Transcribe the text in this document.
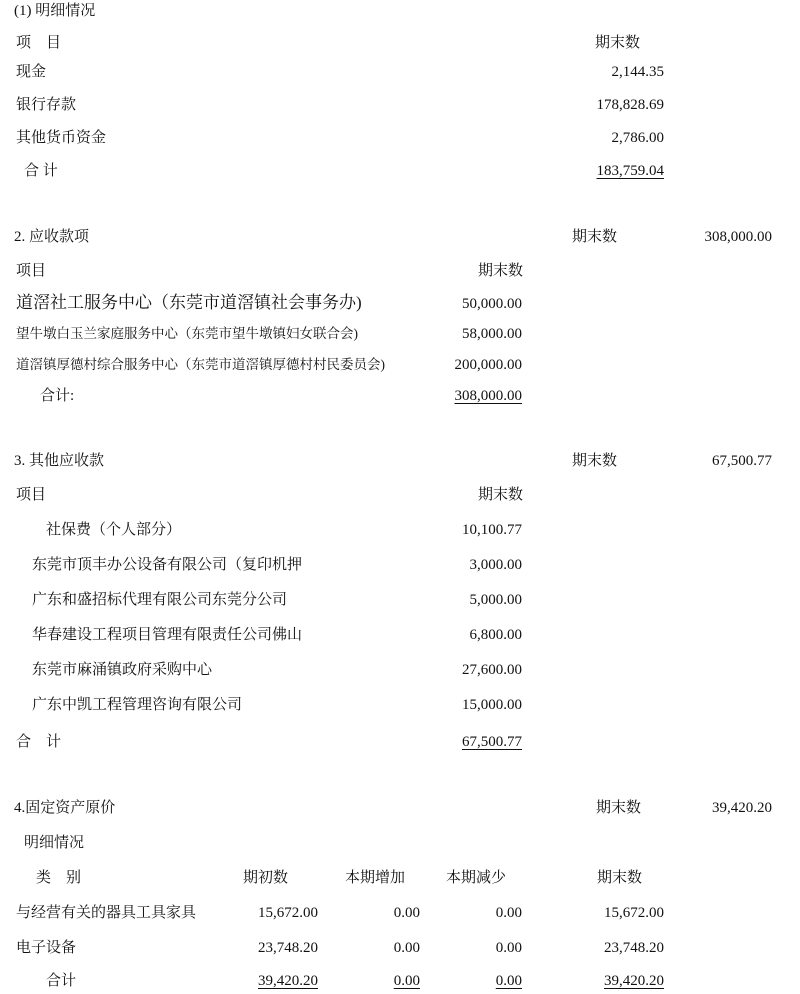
(1) 明细情况
项　目	期末数
现金	2,144.35
银行存款	178,828.69
其他货币资金	2,786.00
合 计	183,759.04
2. 应收款项	期末数	308,000.00
项目	期末数
道滘社工服务中心（东莞市道滘镇社会事务办)	50,000.00
望牛墩白玉兰家庭服务中心（东莞市望牛墩镇妇女联合会)	58,000.00
道滘镇厚德村综合服务中心（东莞市道滘镇厚德村村民委员会)	200,000.00
合计:	308,000.00
3. 其他应收款	期末数	67,500.77
项目	期末数
社保费（个人部分）	10,100.77
东莞市顶丰办公设备有限公司（复印机押	3,000.00
广东和盛招标代理有限公司东莞分公司	5,000.00
华春建设工程项目管理有限责任公司佛山	6,800.00
东莞市麻涌镇政府采购中心	27,600.00
广东中凯工程管理咨询有限公司	15,000.00
合　计	67,500.77
4.固定资产原价	期末数	39,420.20
明细情况
类　别	期初数	本期增加	本期减少	期末数
与经营有关的器具工具家具	15,672.00	0.00	0.00	15,672.00
电子设备	23,748.20	0.00	0.00	23,748.20
合计	39,420.20	0.00	0.00	39,420.20
